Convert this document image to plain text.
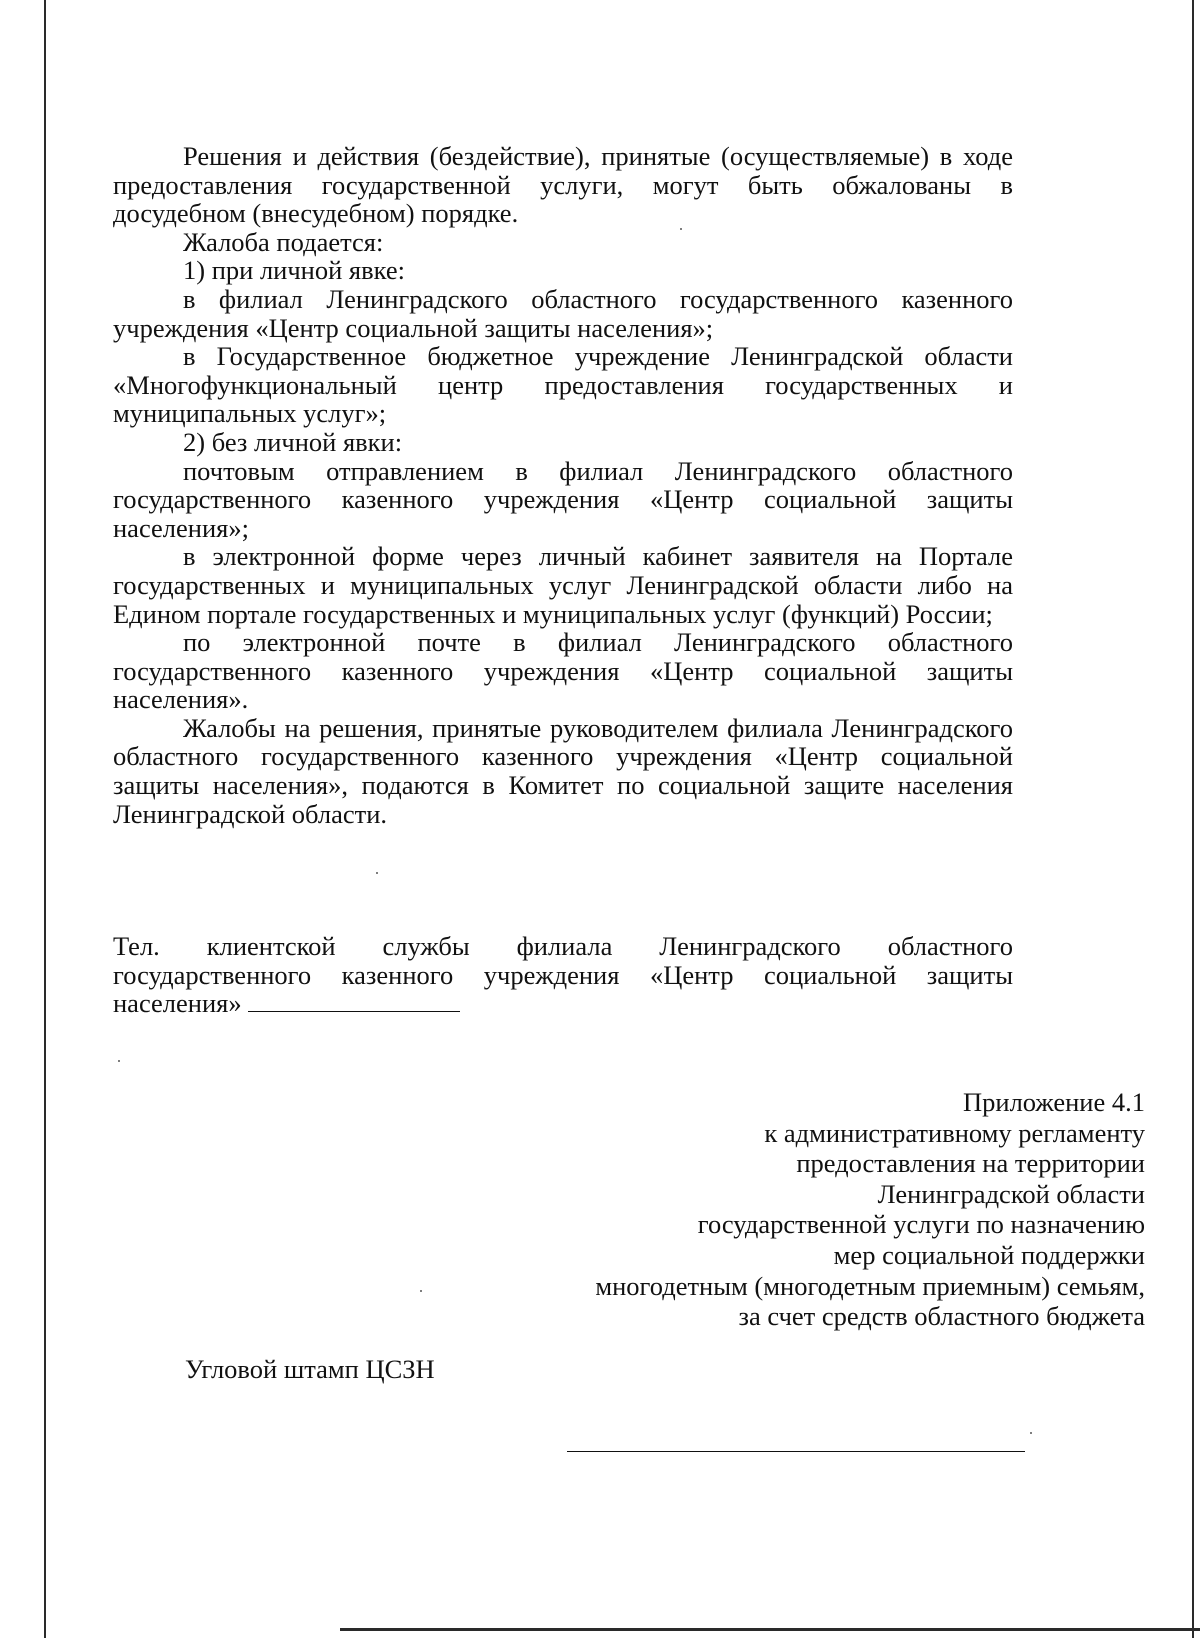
Решения и действия (бездействие), принятые (осуществляемые) в ходе предоставления государственной услуги, могут быть обжалованы в досудебном (внесудебном) порядке.

Жалоба подается:

1) при личной явке:

в филиал Ленинградского областного государственного казенного учреждения «Центр социальной защиты населения»;

в Государственное бюджетное учреждение Ленинградской области «Многофункциональный центр предоставления государственных и муниципальных услуг»;

2) без личной явки:

почтовым отправлением в филиал Ленинградского областного государственного казенного учреждения «Центр социальной защиты населения»;

в электронной форме через личный кабинет заявителя на Портале государственных и муниципальных услуг Ленинградской области либо на Едином портале государственных и муниципальных услуг (функций) России;

по электронной почте в филиал Ленинградского областного государственного казенного учреждения «Центр социальной защиты населения».

Жалобы на решения, принятые руководителем филиала Ленинградского областного государственного казенного учреждения «Центр социальной защиты населения», подаются в Комитет по социальной защите населения Ленинградской области.

Тел. клиентской службы филиала Ленинградского областного государственного казенного учреждения «Центр социальной защиты населения»

Приложение 4.1
к административному регламенту
предоставления на территории
Ленинградской области
государственной услуги по назначению
мер социальной поддержки
многодетным (многодетным приемным) семьям,
за счет средств областного бюджета

Угловой штамп ЦСЗН
